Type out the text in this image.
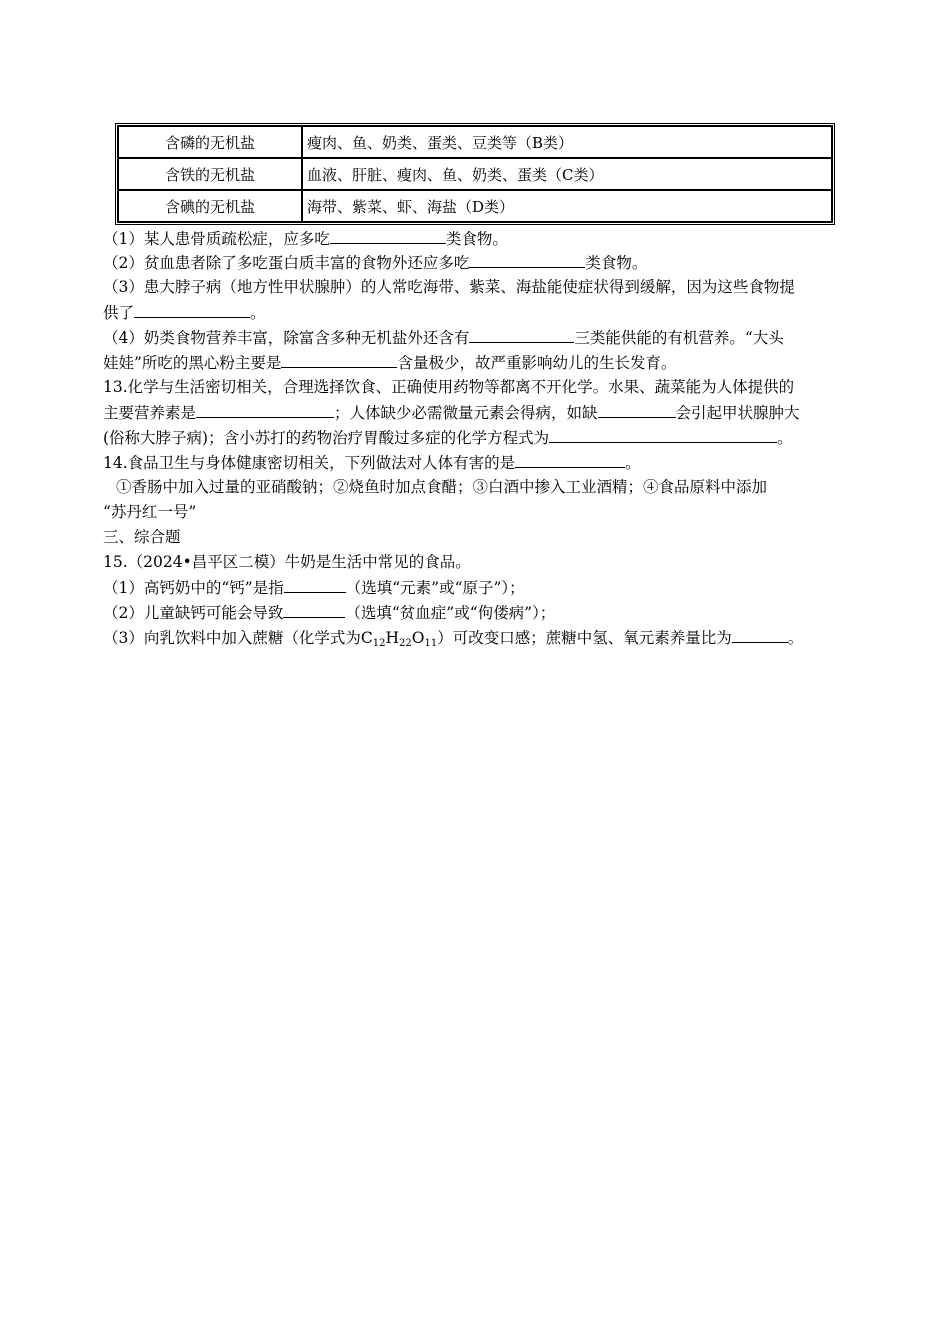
含磷的无机盐	瘦肉、鱼、奶类、蛋类、豆类等（B类）
含铁的无机盐	血液、肝脏、瘦肉、鱼、奶类、蛋类（C类）
含碘的无机盐	海带、紫菜、虾、海盐（D类）
（1）某人患骨质疏松症，应多吃	类食物。
（2）贫血患者除了多吃蛋白质丰富的食物外还应多吃	类食物。
（3）患大脖子病（地方性甲状腺肿）的人常吃海带、紫菜、海盐能使症状得到缓解，因为这些食物提
供了	。
（4）奶类食物营养丰富，除富含多种无机盐外还含有	三类能供能的有机营养。“大头
娃娃”所吃的黑心粉主要是	含量极少，故严重影响幼儿的生长发育。
13.化学与生活密切相关，合理选择饮食、正确使用药物等都离不开化学。水果、蔬菜能为人体提供的
主要营养素是	；人体缺少必需微量元素会得病，如缺	会引起甲状腺肿大
(俗称大脖子病)；含小苏打的药物治疗胃酸过多症的化学方程式为	。
14.食品卫生与身体健康密切相关，下列做法对人体有害的是	。
①香肠中加入过量的亚硝酸钠；②烧鱼时加点食醋；③白酒中掺入工业酒精；④食品原料中添加
“苏丹红一号”
三、综合题
15.（2024•昌平区二模）牛奶是生活中常见的食品。
（1）高钙奶中的“钙”是指	（选填“元素”或“原子”）；
（2）儿童缺钙可能会导致	（选填“贫血症”或“佝偻病”）；
（3）向乳饮料中加入蔗糖（化学式为$C_{12}H_{22}O_{11}$）可改变口感；蔗糖中氢、氧元素养量比为	。
